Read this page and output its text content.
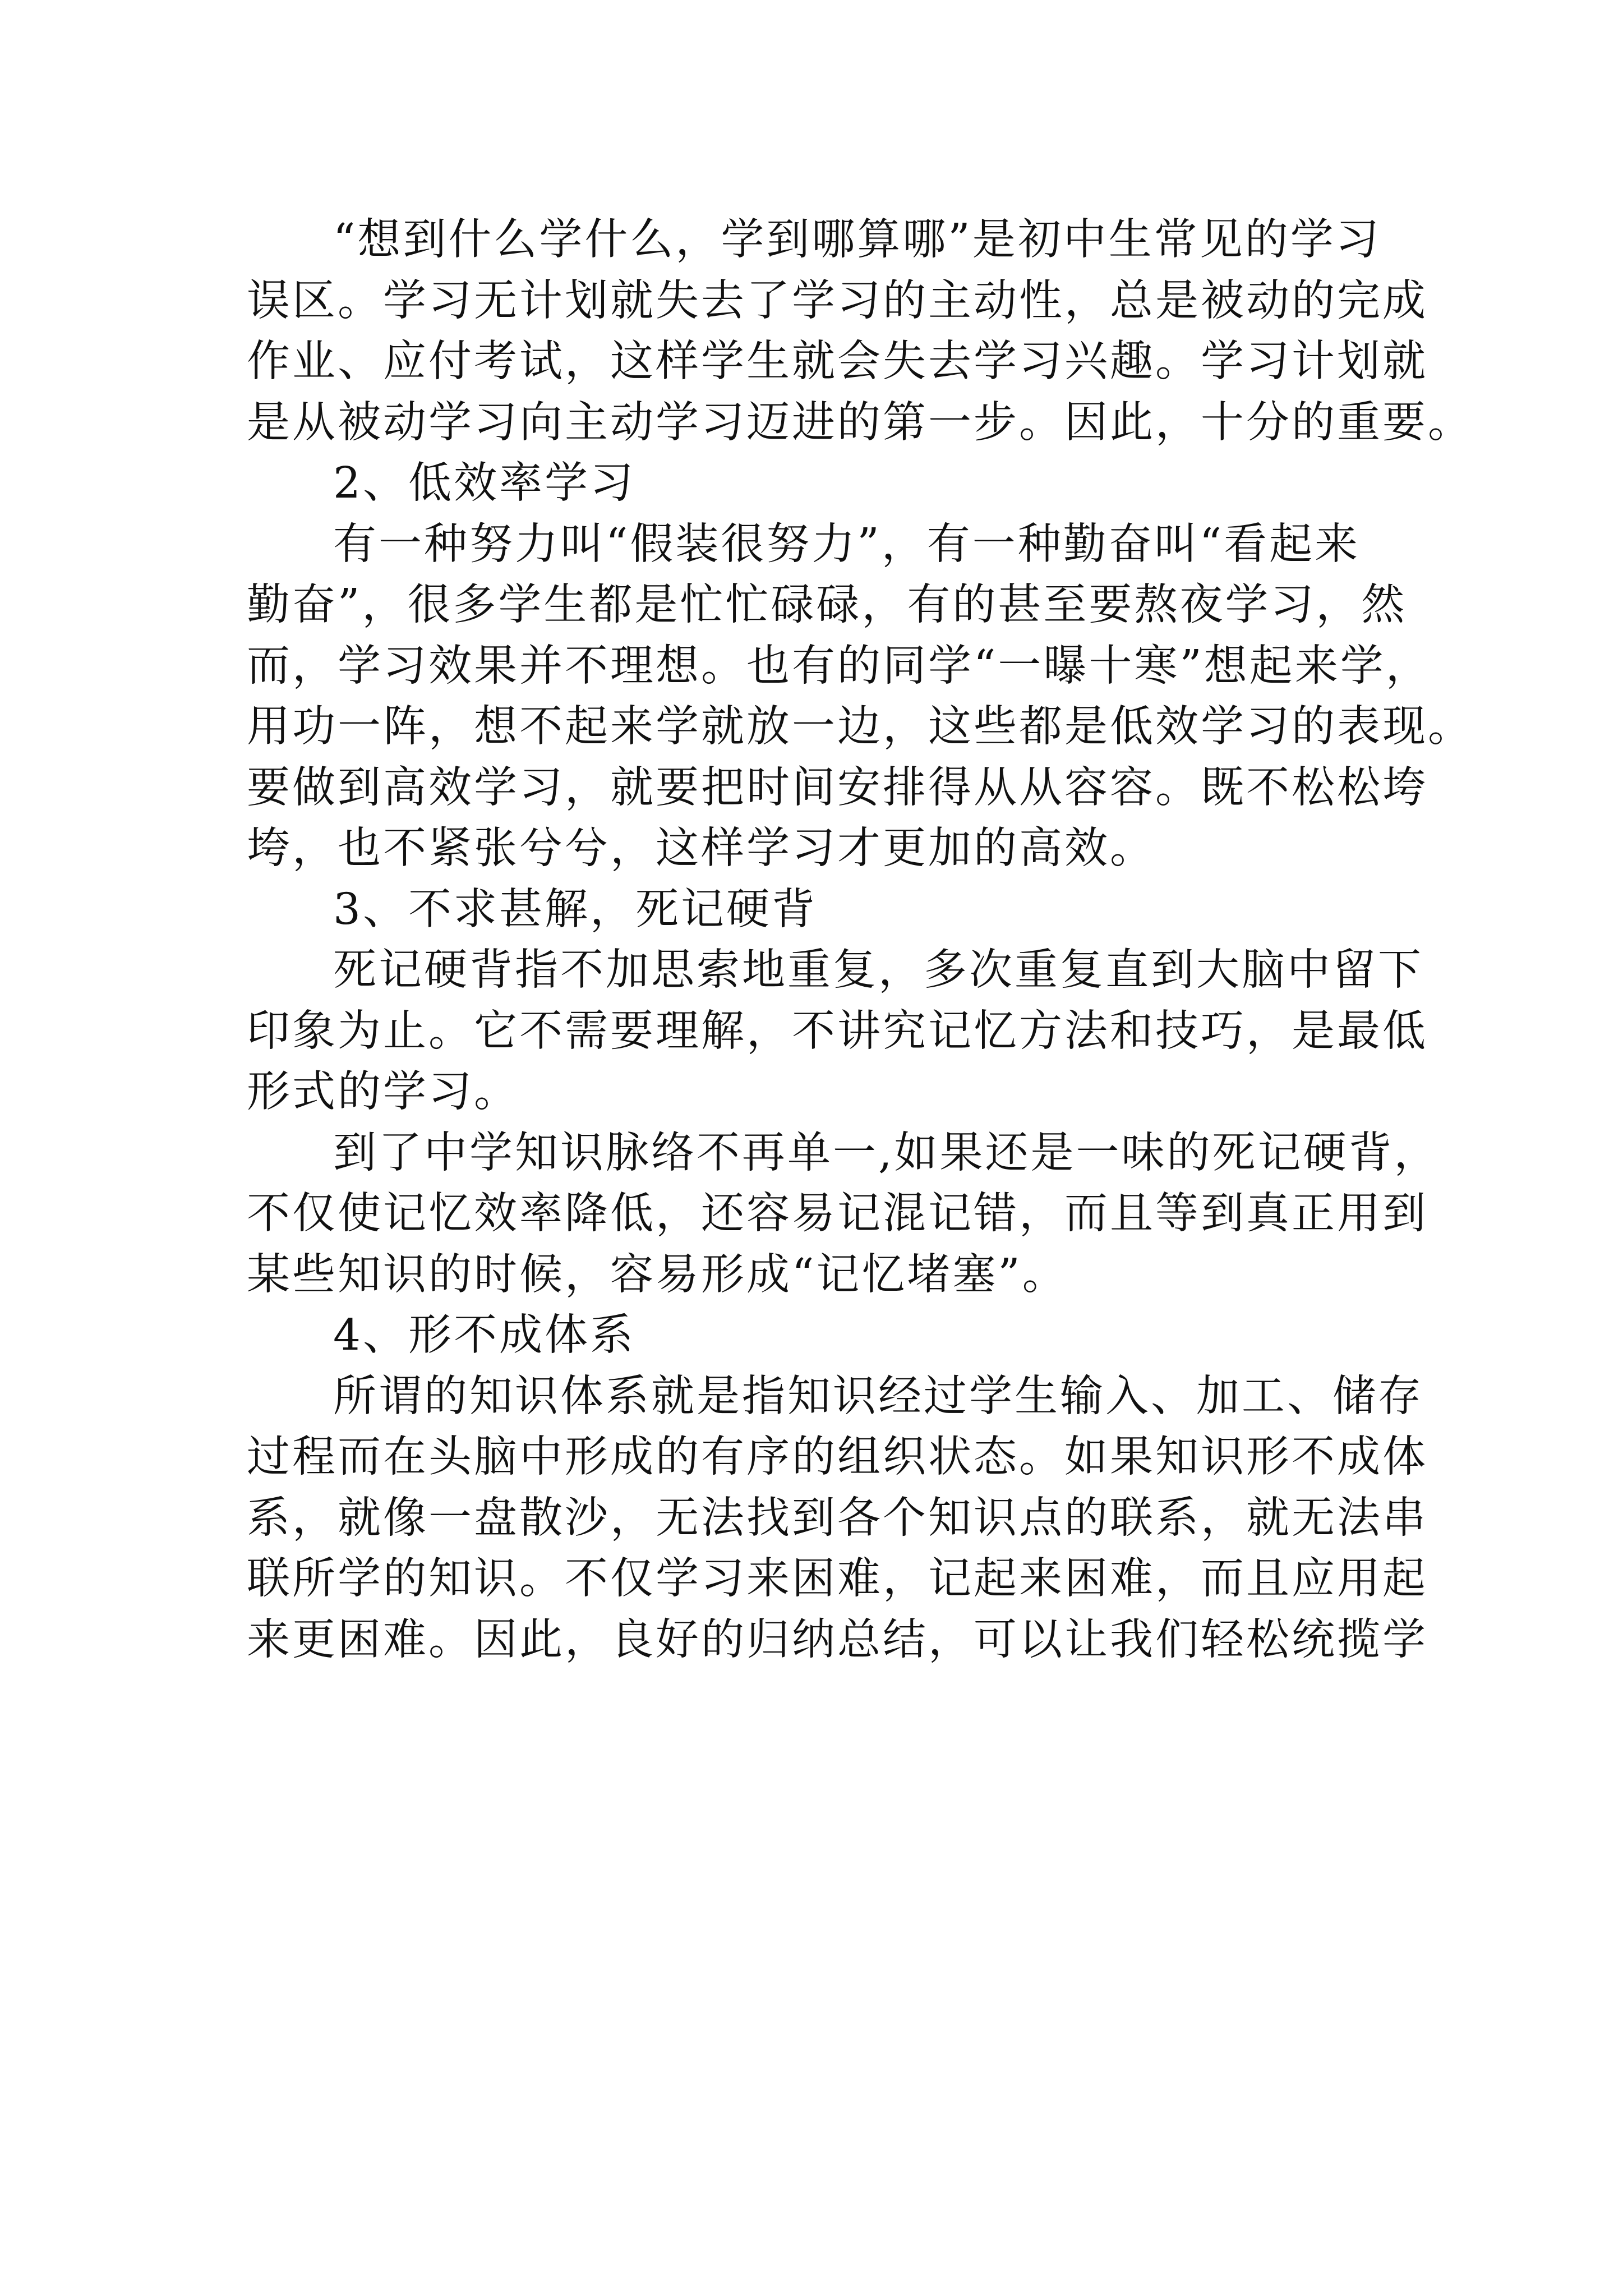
“想到什么学什么，学到哪算哪”是初中生常见的学习
误区。学习无计划就失去了学习的主动性，总是被动的完成
作业、应付考试，这样学生就会失去学习兴趣。学习计划就
是从被动学习向主动学习迈进的第一步。因此，十分的重要。
2、低效率学习
有一种努力叫“假装很努力”，有一种勤奋叫“看起来
勤奋”，很多学生都是忙忙碌碌，有的甚至要熬夜学习，然
而，学习效果并不理想。也有的同学“一曝十寒”想起来学，
用功一阵，想不起来学就放一边，这些都是低效学习的表现。
要做到高效学习，就要把时间安排得从从容容。既不松松垮
垮，也不紧张兮兮，这样学习才更加的高效。
3、不求甚解，死记硬背
死记硬背指不加思索地重复，多次重复直到大脑中留下
印象为止。它不需要理解，不讲究记忆方法和技巧，是最低
形式的学习。
到了中学知识脉络不再单一,如果还是一味的死记硬背，
不仅使记忆效率降低，还容易记混记错，而且等到真正用到
某些知识的时候，容易形成“记忆堵塞”。
4、形不成体系
所谓的知识体系就是指知识经过学生输入、加工、储存
过程而在头脑中形成的有序的组织状态。如果知识形不成体
系，就像一盘散沙，无法找到各个知识点的联系，就无法串
联所学的知识。不仅学习来困难，记起来困难，而且应用起
来更困难。因此，良好的归纳总结，可以让我们轻松统揽学
